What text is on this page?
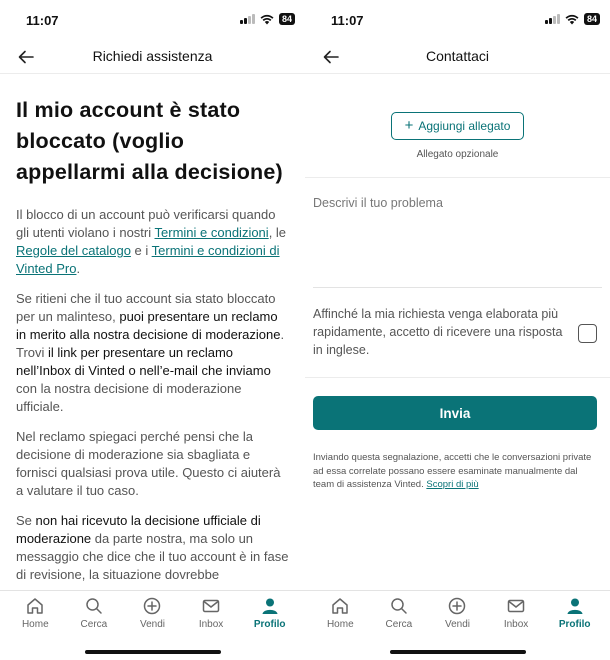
11:07	84
Richiedi assistenza
Il mio account è stato bloccato (voglio appellarmi alla decisione)

Il blocco di un account può verificarsi quando gli utenti violano i nostri Termini e condizioni, le Regole del catalogo e i Termini e condizioni di Vinted Pro.

Se ritieni che il tuo account sia stato bloccato per un malinteso, puoi presentare un reclamo in merito alla nostra decisione di moderazione. Trovi il link per presentare un reclamo nell’Inbox di Vinted o nell’e-mail che inviamo con la nostra decisione di moderazione ufficiale.

Nel reclamo spiegaci perché pensi che la decisione di moderazione sia sbagliata e fornisci qualsiasi prova utile. Questo ci aiuterà a valutare il tuo caso.

Se non hai ricevuto la decisione ufficiale di moderazione da parte nostra, ma solo un messaggio che dice che il tuo account è in fase di revisione, la situazione dovrebbe

Home	Cerca	Vendi	Inbox	Profilo
11:07	84
Contattaci
+ Aggiungi allegato
Allegato opzionale
Descrivi il tuo problema
Affinché la mia richiesta venga elaborata più rapidamente, accetto di ricevere una risposta in inglese.
Invia
Inviando questa segnalazione, accetti che le conversazioni private ad essa correlate possano essere esaminate manualmente dal team di assistenza Vinted. Scopri di più
Home	Cerca	Vendi	Inbox	Profilo
